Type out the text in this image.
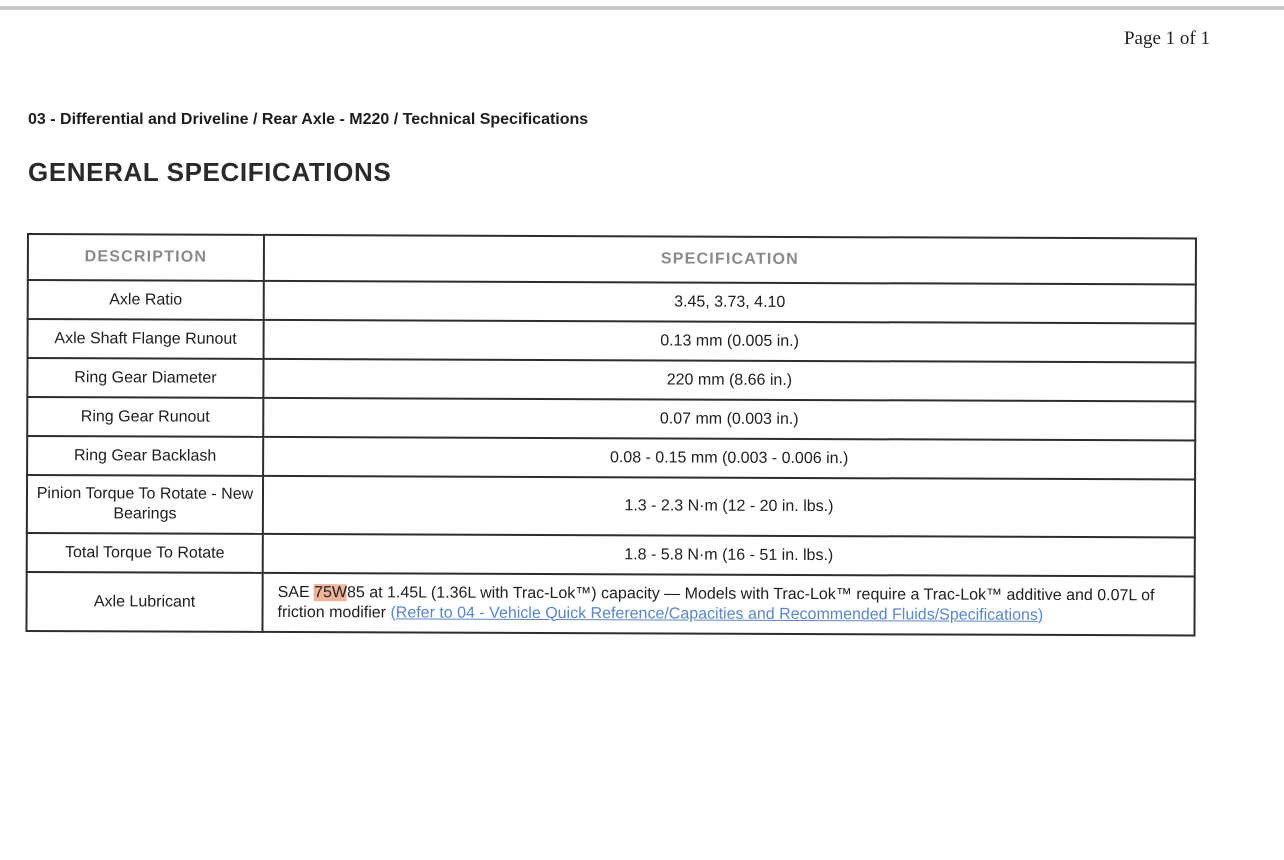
Page 1 of 1
03 - Differential and Driveline / Rear Axle - M220 / Technical Specifications
GENERAL SPECIFICATIONS
DESCRIPTION	SPECIFICATION
Axle Ratio	3.45, 3.73, 4.10
Axle Shaft Flange Runout	0.13 mm (0.005 in.)
Ring Gear Diameter	220 mm (8.66 in.)
Ring Gear Runout	0.07 mm (0.003 in.)
Ring Gear Backlash	0.08 - 0.15 mm (0.003 - 0.006 in.)
Pinion Torque To Rotate - New Bearings	1.3 - 2.3 N·m (12 - 20 in. lbs.)
Total Torque To Rotate	1.8 - 5.8 N·m (16 - 51 in. lbs.)
Axle Lubricant	SAE 75W85 at 1.45L (1.36L with Trac-Lok™) capacity — Models with Trac-Lok™ require a Trac-Lok™ additive and 0.07L of friction modifier (Refer to 04 - Vehicle Quick Reference/Capacities and Recommended Fluids/Specifications)
